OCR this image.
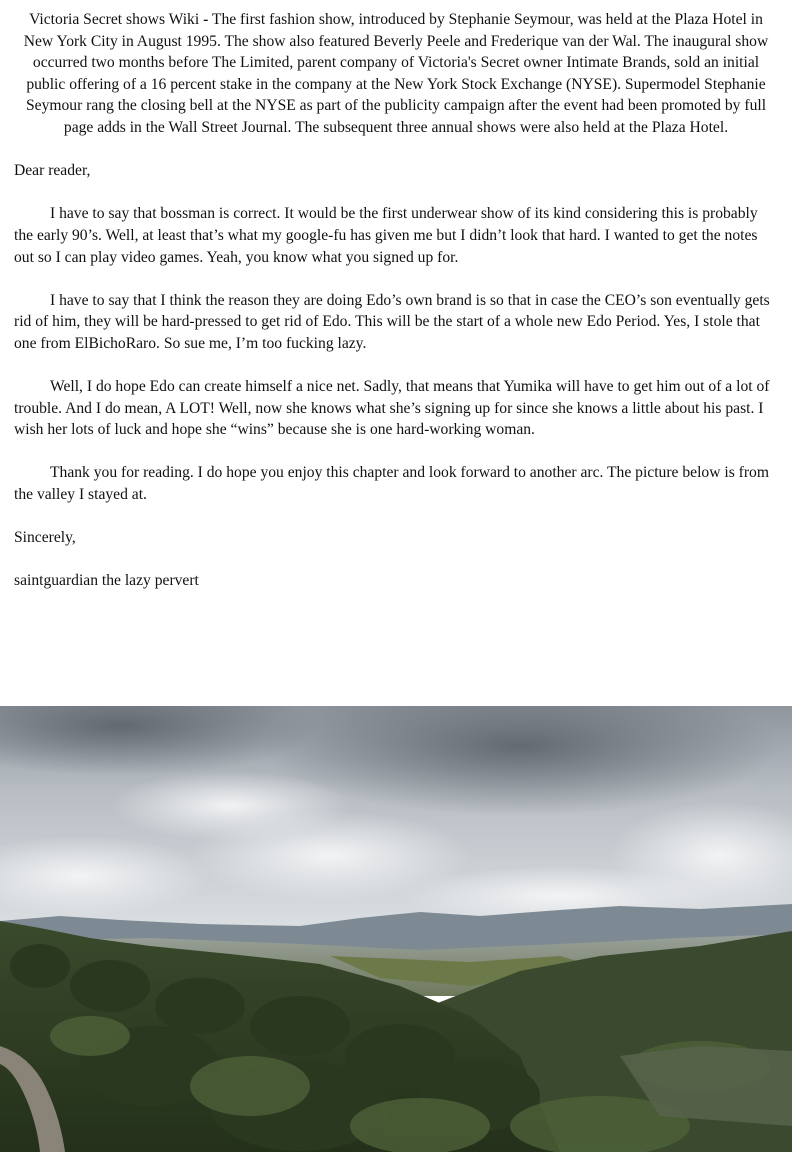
Victoria Secret shows Wiki - The first fashion show, introduced by Stephanie Seymour, was held at the Plaza Hotel in New York City in August 1995. The show also featured Beverly Peele and Frederique van der Wal. The inaugural show occurred two months before The Limited, parent company of Victoria's Secret owner Intimate Brands, sold an initial public offering of a 16 percent stake in the company at the New York Stock Exchange (NYSE). Supermodel Stephanie Seymour rang the closing bell at the NYSE as part of the publicity campaign after the event had been promoted by full page adds in the Wall Street Journal. The subsequent three annual shows were also held at the Plaza Hotel.

Dear reader,

I have to say that bossman is correct. It would be the first underwear show of its kind considering this is probably the early 90’s. Well, at least that’s what my google-fu has given me but I didn’t look that hard. I wanted to get the notes out so I can play video games. Yeah, you know what you signed up for.

I have to say that I think the reason they are doing Edo’s own brand is so that in case the CEO’s son eventually gets rid of him, they will be hard-pressed to get rid of Edo. This will be the start of a whole new Edo Period. Yes, I stole that one from ElBichoRaro. So sue me, I’m too fucking lazy.

Well, I do hope Edo can create himself a nice net. Sadly, that means that Yumika will have to get him out of a lot of trouble. And I do mean, A LOT! Well, now she knows what she’s signing up for since she knows a little about his past. I wish her lots of luck and hope she “wins” because she is one hard-working woman.

Thank you for reading. I do hope you enjoy this chapter and look forward to another arc. The picture below is from the valley I stayed at.

Sincerely,

saintguardian the lazy pervert
